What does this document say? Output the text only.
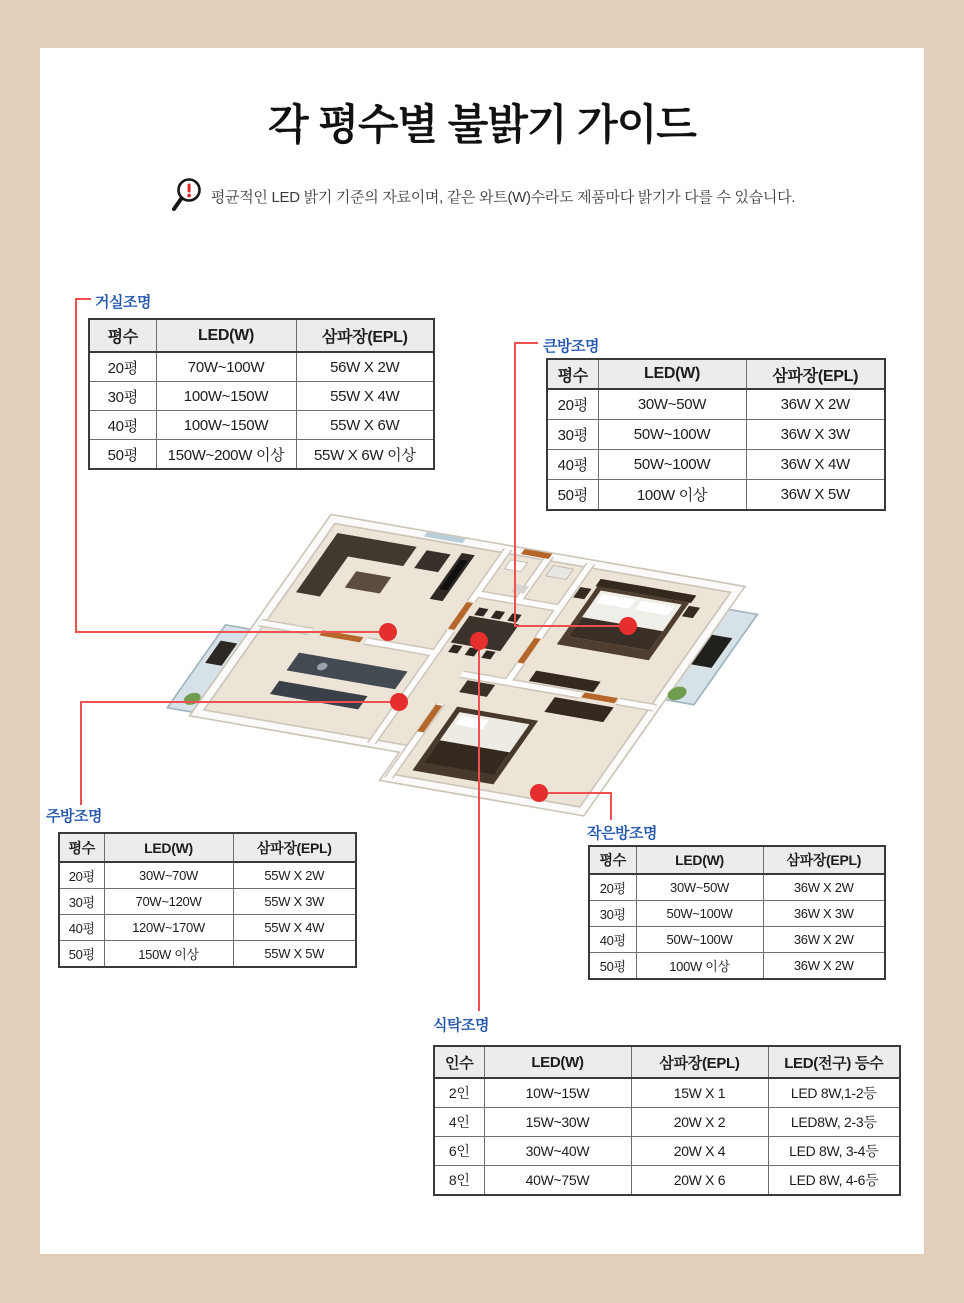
각 평수별 불밝기 가이드
평균적인 LED 밝기 기준의 자료이며, 같은 와트(W)수라도 제품마다 밝기가 다를 수 있습니다.
거실조명
큰방조명
주방조명
작은방조명
식탁조명
평수	LED(W)	삼파장(EPL)
20평	70W~100W	56W X 2W
30평	100W~150W	55W X 4W
40평	100W~150W	55W X 6W
50평	150W~200W 이상	55W X 6W 이상
평수	LED(W)	삼파장(EPL)
20평	30W~50W	36W X 2W
30평	50W~100W	36W X 3W
40평	50W~100W	36W X 4W
50평	100W 이상	36W X 5W
평수	LED(W)	삼파장(EPL)
20평	30W~70W	55W X 2W
30평	70W~120W	55W X 3W
40평	120W~170W	55W X 4W
50평	150W 이상	55W X 5W
평수	LED(W)	삼파장(EPL)
20평	30W~50W	36W X 2W
30평	50W~100W	36W X 3W
40평	50W~100W	36W X 2W
50평	100W 이상	36W X 2W
인수	LED(W)	삼파장(EPL)	LED(전구) 등수
2인	10W~15W	15W X 1	LED 8W,1-2등
4인	15W~30W	20W X 2	LED8W, 2-3등
6인	30W~40W	20W X 4	LED 8W, 3-4등
8인	40W~75W	20W X 6	LED 8W, 4-6등
